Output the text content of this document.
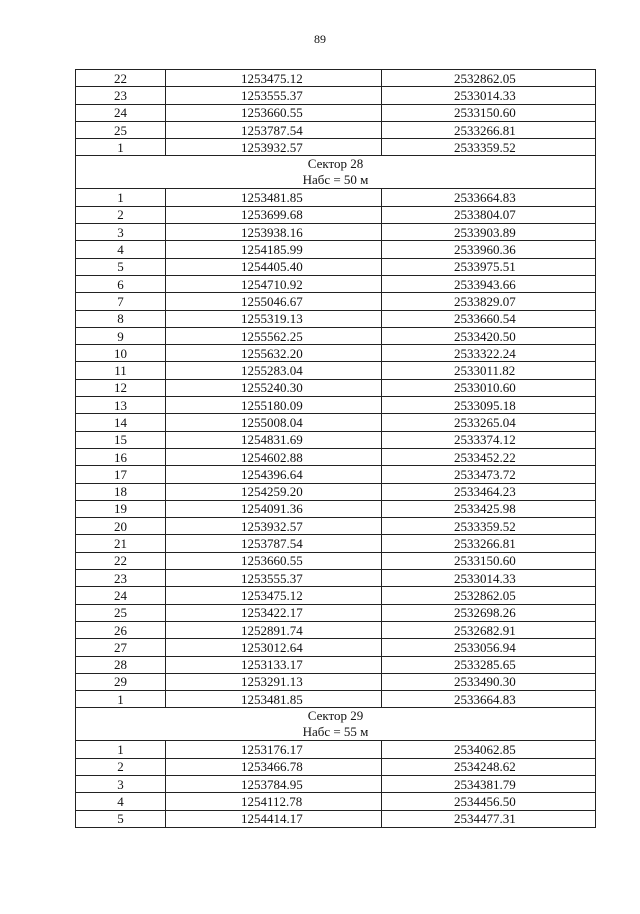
89
22	1253475.12	2532862.05
23	1253555.37	2533014.33
24	1253660.55	2533150.60
25	1253787.54	2533266.81
1	1253932.57	2533359.52

Сектор 28
Набс = 50 м		

1	1253481.85	2533664.83
2	1253699.68	2533804.07
3	1253938.16	2533903.89
4	1254185.99	2533960.36
5	1254405.40	2533975.51
6	1254710.92	2533943.66
7	1255046.67	2533829.07
8	1255319.13	2533660.54
9	1255562.25	2533420.50
10	1255632.20	2533322.24
11	1255283.04	2533011.82
12	1255240.30	2533010.60
13	1255180.09	2533095.18
14	1255008.04	2533265.04
15	1254831.69	2533374.12
16	1254602.88	2533452.22
17	1254396.64	2533473.72
18	1254259.20	2533464.23
19	1254091.36	2533425.98
20	1253932.57	2533359.52
21	1253787.54	2533266.81
22	1253660.55	2533150.60
23	1253555.37	2533014.33
24	1253475.12	2532862.05
25	1253422.17	2532698.26
26	1252891.74	2532682.91
27	1253012.64	2533056.94
28	1253133.17	2533285.65
29	1253291.13	2533490.30
1	1253481.85	2533664.83

Сектор 29
Набс = 55 м		

1	1253176.17	2534062.85
2	1253466.78	2534248.62
3	1253784.95	2534381.79
4	1254112.78	2534456.50
5	1254414.17	2534477.31
